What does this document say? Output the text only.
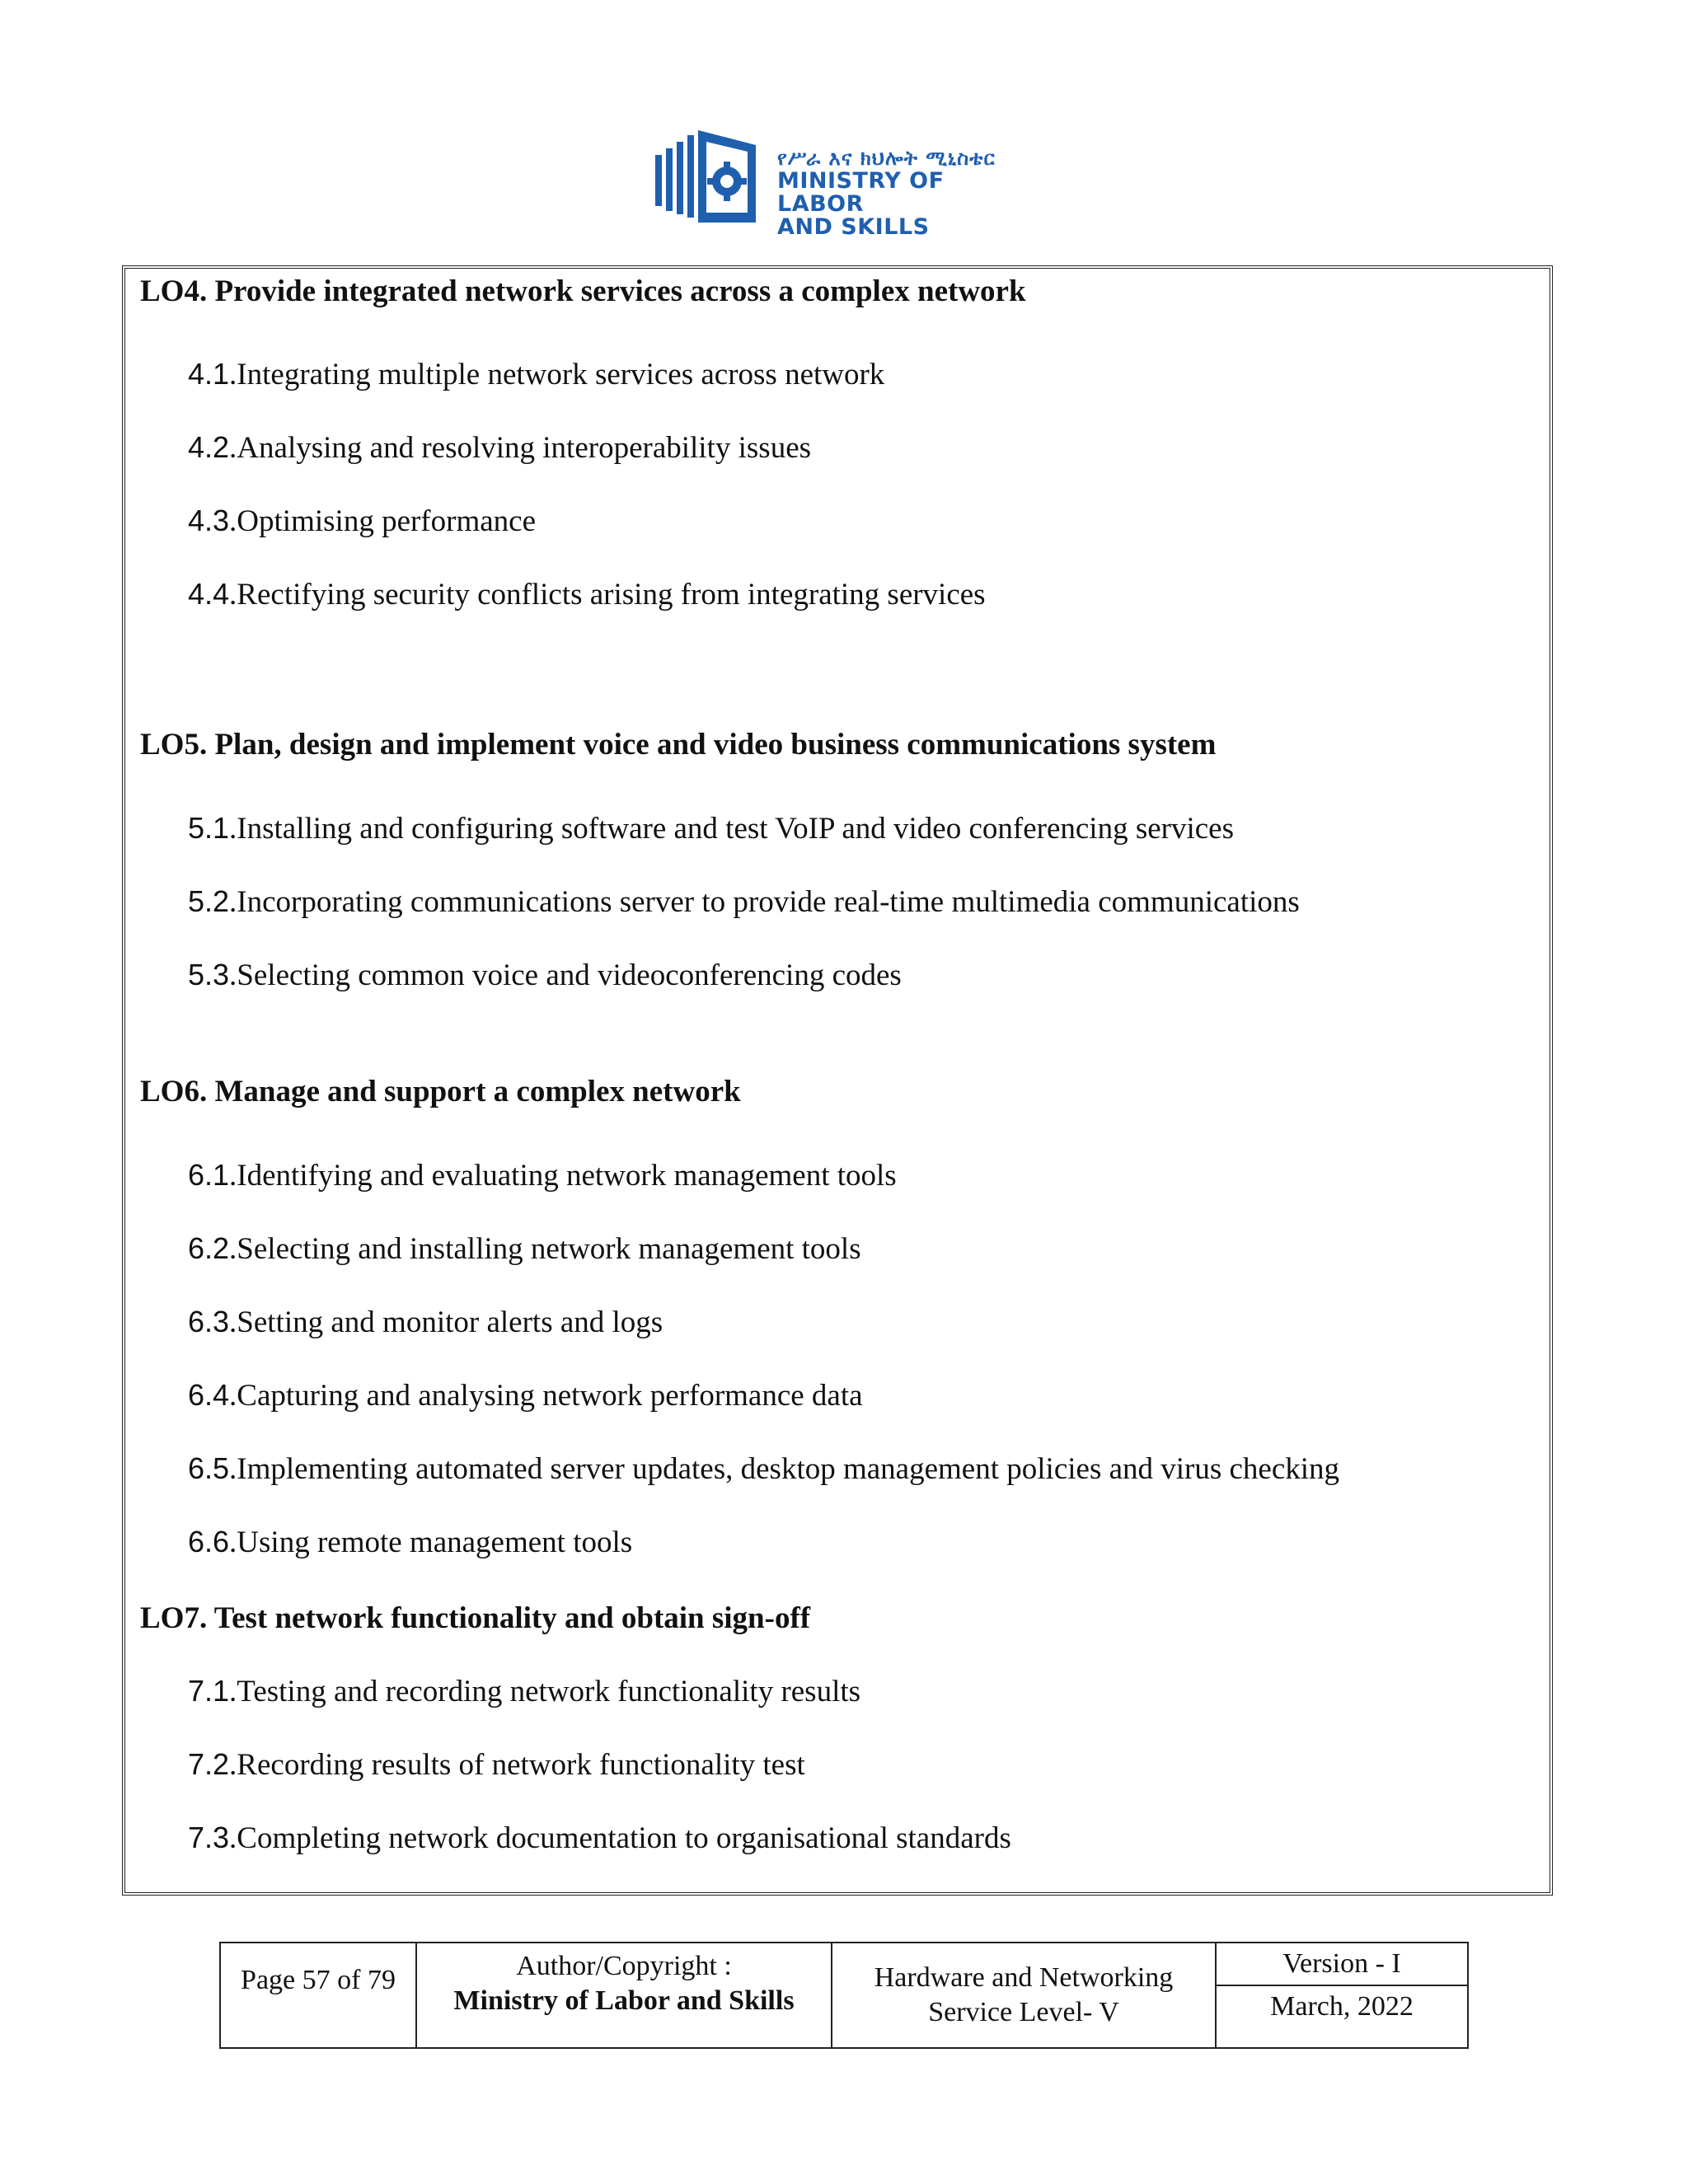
የሥራ እና ክህሎት ሚኒስቴር
MINISTRY OF LABOR
AND SKILLS
LO4. Provide integrated network services across a complex network
4.1.Integrating multiple network services across network
4.2.Analysing and resolving interoperability issues
4.3.Optimising performance
4.4.Rectifying security conflicts arising from integrating services
LO5. Plan, design and implement voice and video business communications system
5.1.Installing and configuring software and test VoIP and video conferencing services
5.2.Incorporating communications server to provide real-time multimedia communications
5.3.Selecting common voice and videoconferencing codes
LO6. Manage and support a complex network
6.1.Identifying and evaluating network management tools
6.2.Selecting and installing network management tools
6.3.Setting and monitor alerts and logs
6.4.Capturing and analysing network performance data
6.5.Implementing automated server updates, desktop management policies and virus checking
6.6.Using remote management tools
LO7. Test network functionality and obtain sign-off
7.1.Testing and recording network functionality results
7.2.Recording results of network functionality test
7.3.Completing network documentation to organisational standards
Page 57 of 79	Author/Copyright :
Ministry of Labor and Skills
Hardware and Networking
Service Level- V
Version - I
March, 2022
